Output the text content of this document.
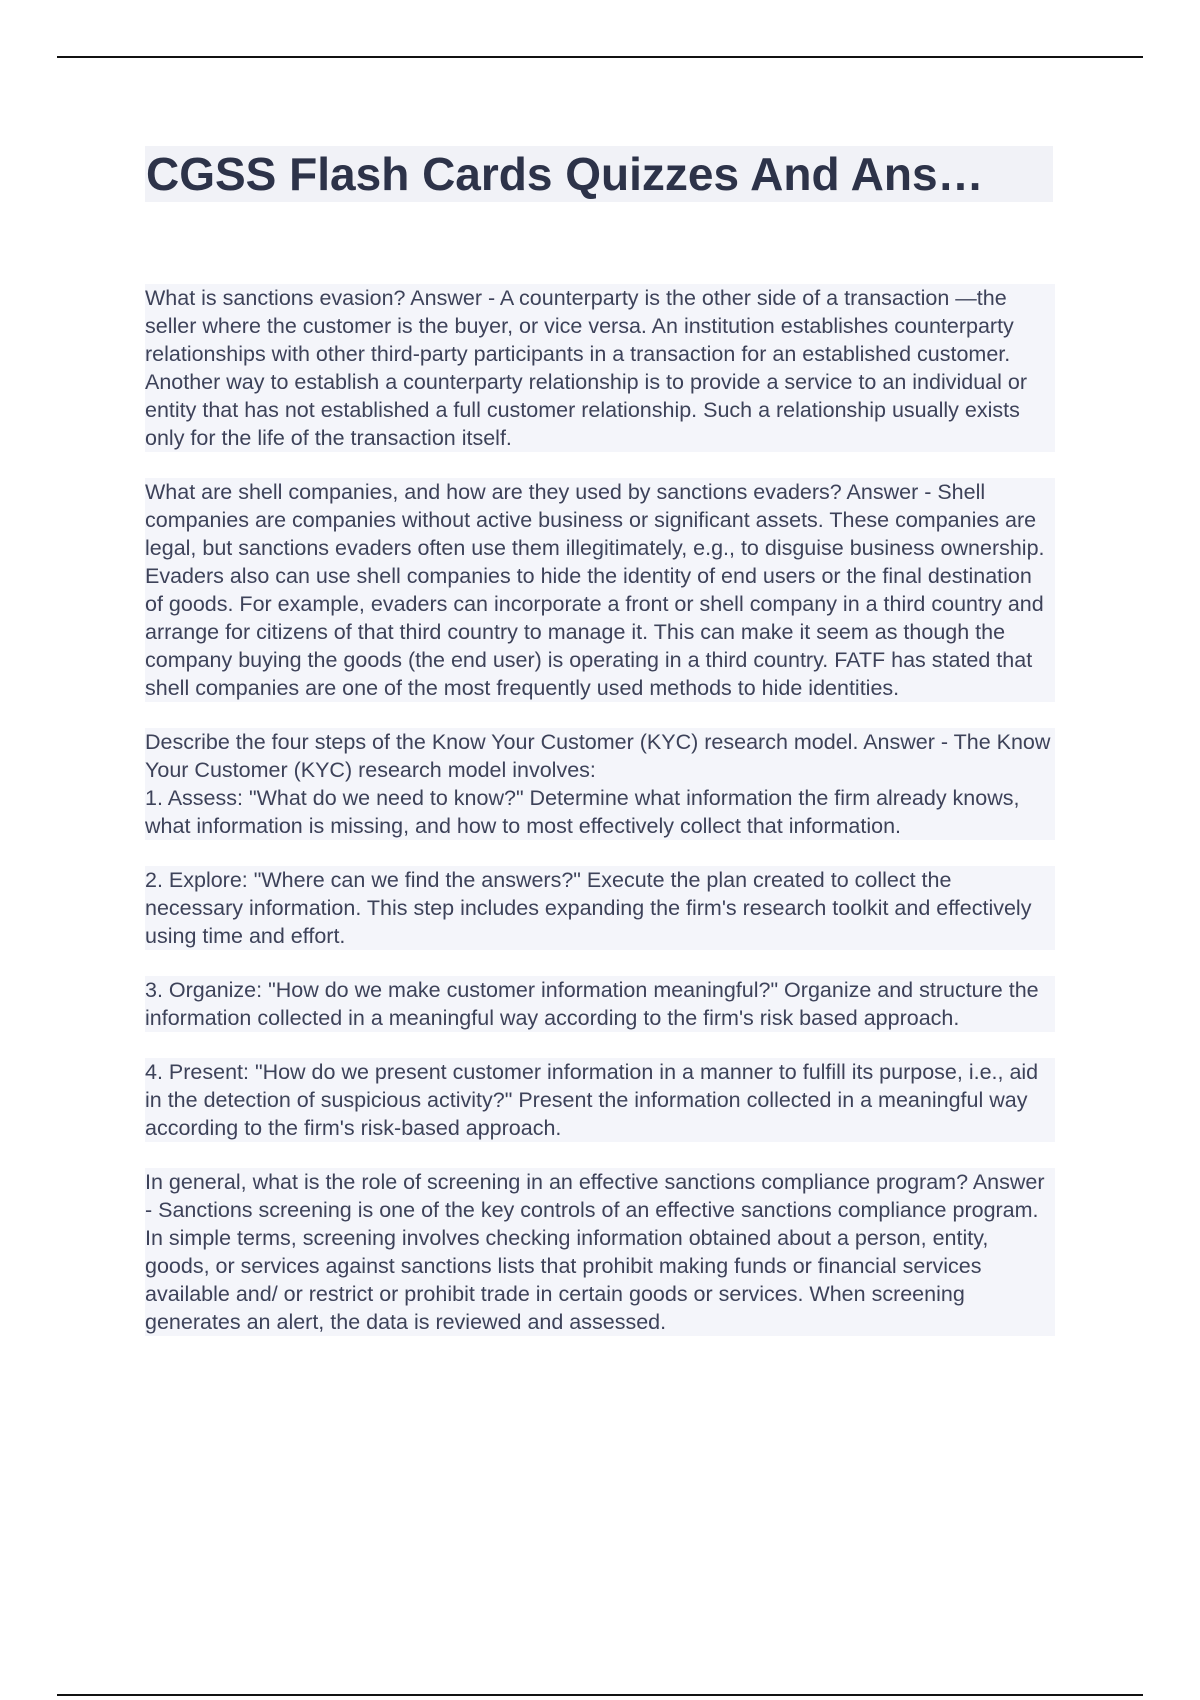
CGSS Flash Cards Quizzes And Ans…

What is sanctions evasion? Answer - A counterparty is the other side of a transaction —the seller where the customer is the buyer, or vice versa. An institution establishes counterparty relationships with other third-party participants in a transaction for an established customer. Another way to establish a counterparty relationship is to provide a service to an individual or entity that has not established a full customer relationship. Such a relationship usually exists only for the life of the transaction itself.

What are shell companies, and how are they used by sanctions evaders? Answer - Shell companies are companies without active business or significant assets. These companies are legal, but sanctions evaders often use them illegitimately, e.g., to disguise business ownership. Evaders also can use shell companies to hide the identity of end users or the final destination of goods. For example, evaders can incorporate a front or shell company in a third country and arrange for citizens of that third country to manage it. This can make it seem as though the company buying the goods (the end user) is operating in a third country. FATF has stated that shell companies are one of the most frequently used methods to hide identities.

Describe the four steps of the Know Your Customer (KYC) research model. Answer - The Know Your Customer (KYC) research model involves:
1. Assess: "What do we need to know?" Determine what information the firm already knows, what information is missing, and how to most effectively collect that information.

2. Explore: "Where can we find the answers?" Execute the plan created to collect the necessary information. This step includes expanding the firm's research toolkit and effectively using time and effort.

3. Organize: "How do we make customer information meaningful?" Organize and structure the information collected in a meaningful way according to the firm's risk based approach.

4. Present: "How do we present customer information in a manner to fulfill its purpose, i.e., aid in the detection of suspicious activity?" Present the information collected in a meaningful way according to the firm's risk-based approach.

In general, what is the role of screening in an effective sanctions compliance program? Answer - Sanctions screening is one of the key controls of an effective sanctions compliance program. In simple terms, screening involves checking information obtained about a person, entity, goods, or services against sanctions lists that prohibit making funds or financial services available and/ or restrict or prohibit trade in certain goods or services. When screening generates an alert, the data is reviewed and assessed.
